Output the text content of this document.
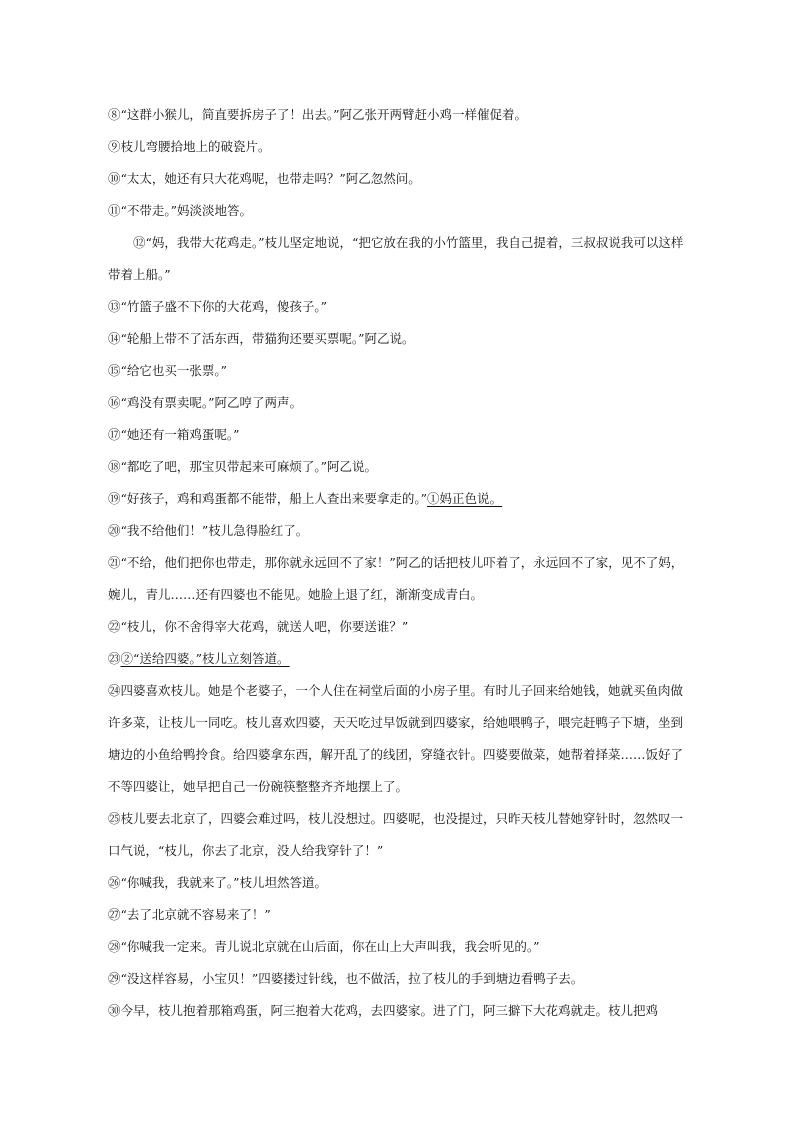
⑧“这群小猴儿，简直要拆房子了！出去。”阿乙张开两臂赶小鸡一样催促着。

⑨枝儿弯腰拾地上的破瓷片。

⑩“太太，她还有只大花鸡呢，也带走吗？”阿乙忽然问。

⑪“不带走。”妈淡淡地答。

⑫“妈，我带大花鸡走。”枝儿坚定地说，“把它放在我的小竹篮里，我自己提着，三叔叔说我可以这样带着上船。”

⑬“竹篮子盛不下你的大花鸡，傻孩子。”

⑭“轮船上带不了活东西，带猫狗还要买票呢。”阿乙说。

⑮“给它也买一张票。”

⑯“鸡没有票卖呢。”阿乙哼了两声。

⑰“她还有一箱鸡蛋呢。”

⑱“都吃了吧，那宝贝带起来可麻烦了。”阿乙说。

⑲“好孩子，鸡和鸡蛋都不能带，船上人查出来要拿走的。”①妈正色说。

⑳“我不给他们！”枝儿急得脸红了。

㉑“不给，他们把你也带走，那你就永远回不了家！”阿乙的话把枝儿吓着了，永远回不了家，见不了妈，婉儿，青儿……还有四婆也不能见。她脸上退了红，渐渐变成青白。

㉒“枝儿，你不舍得宰大花鸡，就送人吧，你要送谁？”

㉓②“送给四婆。”枝儿立刻答道。

㉔四婆喜欢枝儿。她是个老婆子，一个人住在祠堂后面的小房子里。有时儿子回来给她钱，她就买鱼肉做许多菜，让枝儿一同吃。枝儿喜欢四婆，天天吃过早饭就到四婆家，给她喂鸭子，喂完赶鸭子下塘，坐到塘边的小鱼给鸭拎食。给四婆拿东西，解开乱了的线团，穿缝衣针。四婆要做菜，她帮着择菜……饭好了不等四婆让，她早把自己一份碗筷整整齐齐地摆上了。

㉕枝儿要去北京了，四婆会难过吗，枝儿没想过。四婆呢，也没提过，只昨天枝儿替她穿针时，忽然叹一口气说，“枝儿，你去了北京，没人给我穿针了！”

㉖“你喊我，我就来了。”枝儿坦然答道。

㉗“去了北京就不容易来了！”

㉘“你喊我一定来。青儿说北京就在山后面，你在山上大声叫我，我会听见的。”

㉙“没这样容易，小宝贝！”四婆搂过针线，也不做活，拉了枝儿的手到塘边看鸭子去。

㉚今早，枝儿抱着那箱鸡蛋，阿三抱着大花鸡，去四婆家。进了门，阿三擗下大花鸡就走。枝儿把鸡
